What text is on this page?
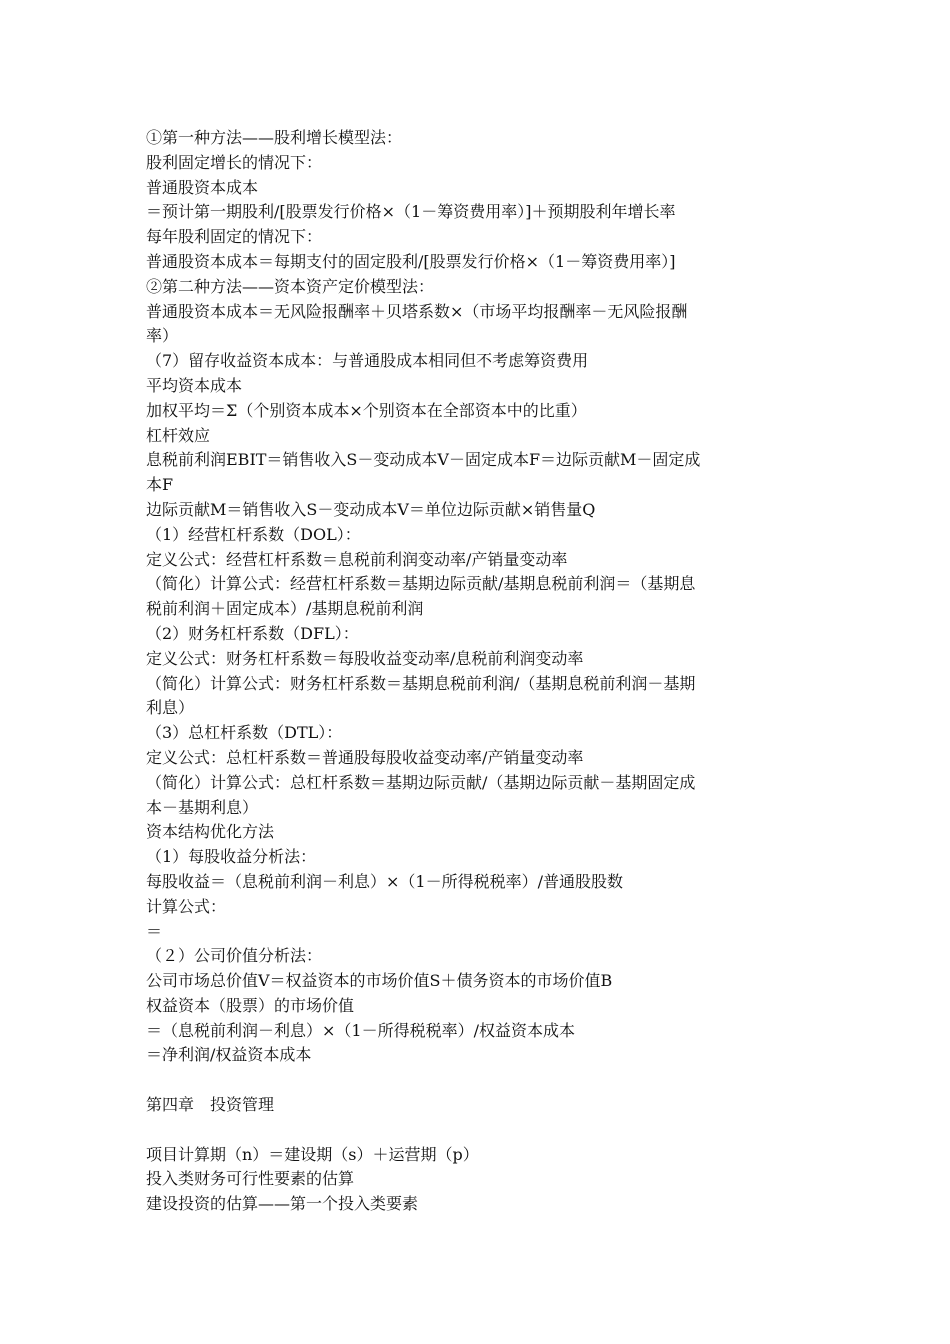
①第一种方法——股利增长模型法：
股利固定增长的情况下：
普通股资本成本
＝预计第一期股利/[股票发行价格×（1－筹资费用率）]＋预期股利年增长率
每年股利固定的情况下：
普通股资本成本＝每期支付的固定股利/[股票发行价格×（1－筹资费用率）]
②第二种方法——资本资产定价模型法：
普通股资本成本＝无风险报酬率＋贝塔系数×（市场平均报酬率－无风险报酬
率）
（7）留存收益资本成本：与普通股成本相同但不考虑筹资费用
平均资本成本
加权平均＝Σ（个别资本成本×个别资本在全部资本中的比重）
杠杆效应
息税前利润EBIT＝销售收入S－变动成本V－固定成本F＝边际贡献M－固定成
本F
边际贡献M＝销售收入S－变动成本V＝单位边际贡献×销售量Q
（1）经营杠杆系数（DOL）：
定义公式：经营杠杆系数＝息税前利润变动率/产销量变动率
（简化）计算公式：经营杠杆系数＝基期边际贡献/基期息税前利润＝（基期息
税前利润＋固定成本）/基期息税前利润
（2）财务杠杆系数（DFL）：
定义公式：财务杠杆系数＝每股收益变动率/息税前利润变动率
（简化）计算公式：财务杠杆系数＝基期息税前利润/（基期息税前利润－基期
利息）
（3）总杠杆系数（DTL）：
定义公式：总杠杆系数＝普通股每股收益变动率/产销量变动率
（简化）计算公式：总杠杆系数＝基期边际贡献/（基期边际贡献－基期固定成
本－基期利息）
资本结构优化方法
（1）每股收益分析法：
每股收益＝（息税前利润－利息）×（1－所得税税率）/普通股股数
计算公式：
＝
（２）公司价值分析法：
公司市场总价值V＝权益资本的市场价值S＋债务资本的市场价值B
权益资本（股票）的市场价值
＝（息税前利润－利息）×（1－所得税税率）/权益资本成本
＝净利润/权益资本成本
第四章　投资管理
项目计算期（n）＝建设期（s）＋运营期（p）
投入类财务可行性要素的估算
建设投资的估算——第一个投入类要素
